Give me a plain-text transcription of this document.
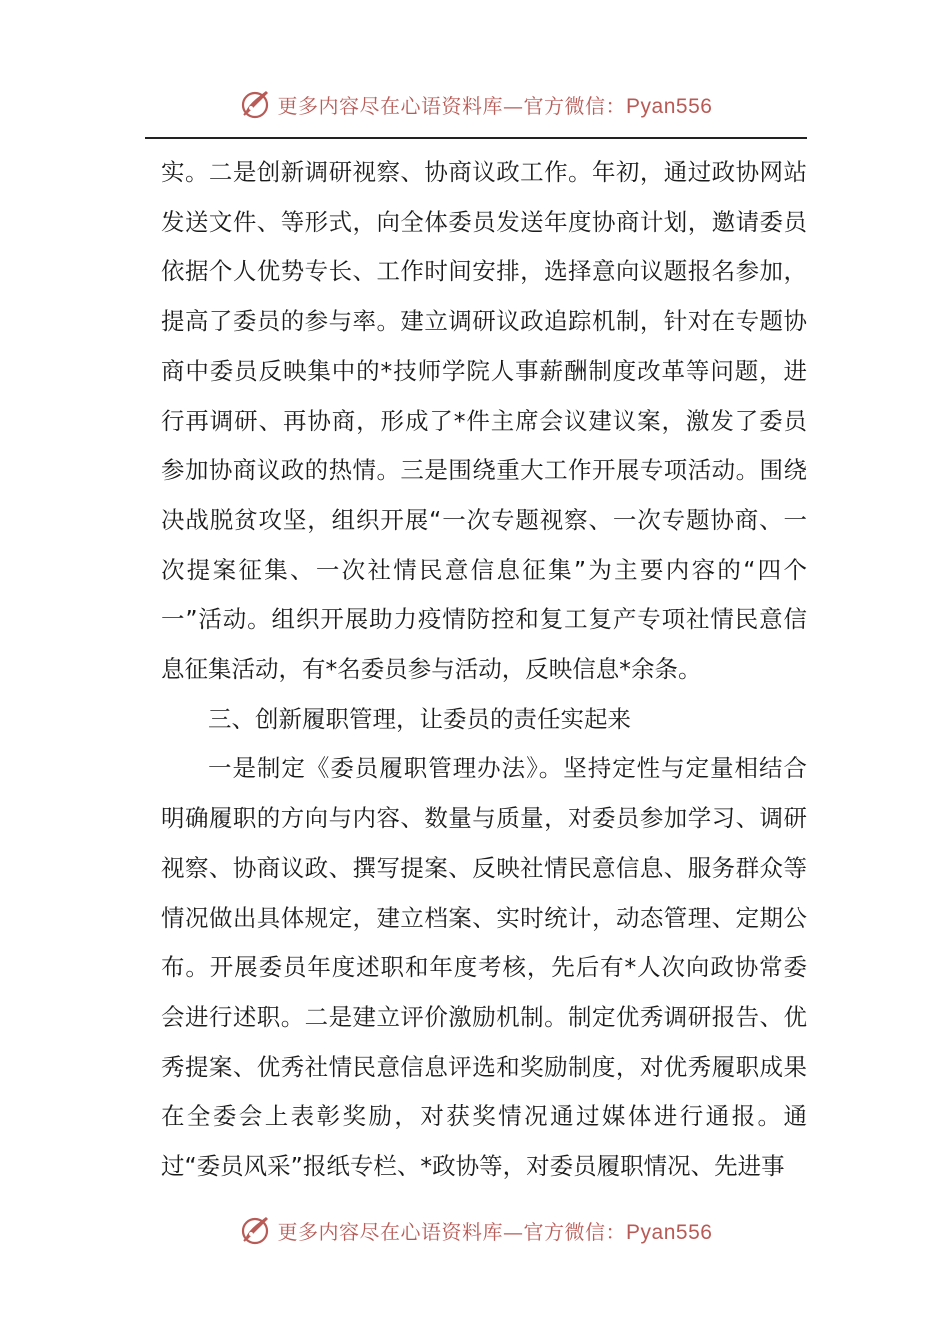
更多内容尽在心语资料库—官方微信：Pyan556

实。二是创新调研视察、协商议政工作。年初，通过政协网站发送文件、等形式，向全体委员发送年度协商计划，邀请委员依据个人优势专长、工作时间安排，选择意向议题报名参加，提高了委员的参与率。建立调研议政追踪机制，针对在专题协商中委员反映集中的*技师学院人事薪酬制度改革等问题，进行再调研、再协商，形成了*件主席会议建议案，激发了委员参加协商议政的热情。三是围绕重大工作开展专项活动。围绕决战脱贫攻坚，组织开展“一次专题视察、一次专题协商、一次提案征集、一次社情民意信息征集”为主要内容的“四个一”活动。组织开展助力疫情防控和复工复产专项社情民意信息征集活动，有*名委员参与活动，反映信息*余条。

三、创新履职管理，让委员的责任实起来

一是制定《委员履职管理办法》。坚持定性与定量相结合明确履职的方向与内容、数量与质量，对委员参加学习、调研视察、协商议政、撰写提案、反映社情民意信息、服务群众等情况做出具体规定，建立档案、实时统计，动态管理、定期公布。开展委员年度述职和年度考核，先后有*人次向政协常委会进行述职。二是建立评价激励机制。制定优秀调研报告、优秀提案、优秀社情民意信息评选和奖励制度，对优秀履职成果在全委会上表彰奖励，对获奖情况通过媒体进行通报。通过“委员风采”报纸专栏、*政协等，对委员履职情况、先进事

更多内容尽在心语资料库—官方微信：Pyan556
